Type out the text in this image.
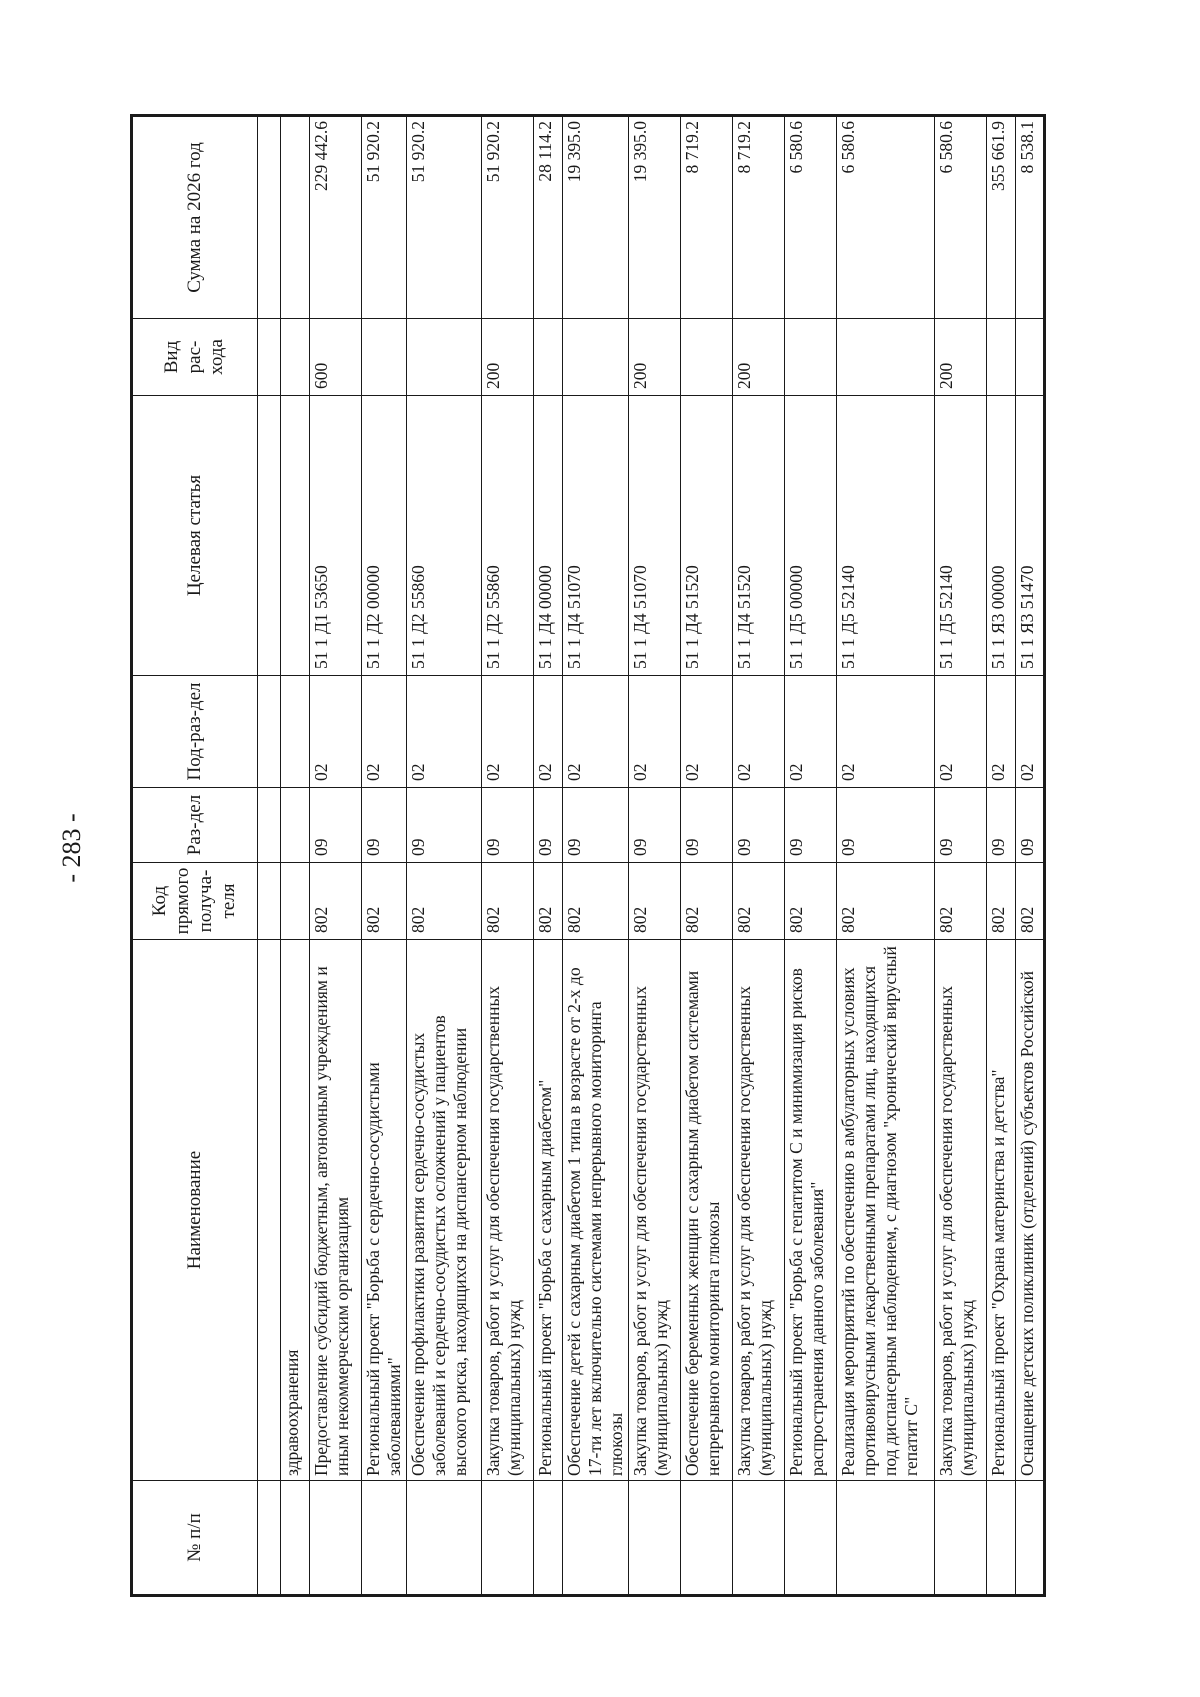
- 283 -
№ п/п	Наименование	Код прямого получа-теля	Раз-дел	Под-раз-дел	Целевая статья	Вид рас-хода	Сумма на 2026 год

	здравоохранения						
	Предоставление субсидий бюджетным, автономным учреждениям и иным некоммерческим организациям	802	09	02	51 1 Д1 53650	600	229 442.6
	Региональный проект "Борьба с сердечно-сосудистыми заболеваниями"	802	09	02	51 1 Д2 00000		51 920.2
	Обеспечение профилактики развития сердечно-сосудистых заболеваний и сердечно-сосудистых осложнений у пациентов высокого риска, находящихся на диспансерном наблюдении	802	09	02	51 1 Д2 55860		51 920.2
	Закупка товаров, работ и услуг для обеспечения государственных (муниципальных) нужд	802	09	02	51 1 Д2 55860	200	51 920.2
	Региональный проект "Борьба с сахарным диабетом"	802	09	02	51 1 Д4 00000		28 114.2
	Обеспечение детей с сахарным диабетом 1 типа в возрасте от 2-х до 17-ти лет включительно системами непрерывного мониторинга глюкозы	802	09	02	51 1 Д4 51070		19 395.0
	Закупка товаров, работ и услуг для обеспечения государственных (муниципальных) нужд	802	09	02	51 1 Д4 51070	200	19 395.0
	Обеспечение беременных женщин с сахарным диабетом системами непрерывного мониторинга глюкозы	802	09	02	51 1 Д4 51520		8 719.2
	Закупка товаров, работ и услуг для обеспечения государственных (муниципальных) нужд	802	09	02	51 1 Д4 51520	200	8 719.2
	Региональный проект "Борьба с гепатитом С и минимизация рисков распространения данного заболевания"	802	09	02	51 1 Д5 00000		6 580.6
	Реализация мероприятий по обеспечению в амбулаторных условиях противовирусными лекарственными препаратами лиц, находящихся под диспансерным наблюдением, с диагнозом "хронический вирусный гепатит С"	802	09	02	51 1 Д5 52140		6 580.6
	Закупка товаров, работ и услуг для обеспечения государственных (муниципальных) нужд	802	09	02	51 1 Д5 52140	200	6 580.6
	Региональный проект "Охрана материнства и детства"	802	09	02	51 1 Я3 00000		355 661.9
	Оснащение детских поликлиник (отделений) субъектов Российской	802	09	02	51 1 Я3 51470		8 538.1
